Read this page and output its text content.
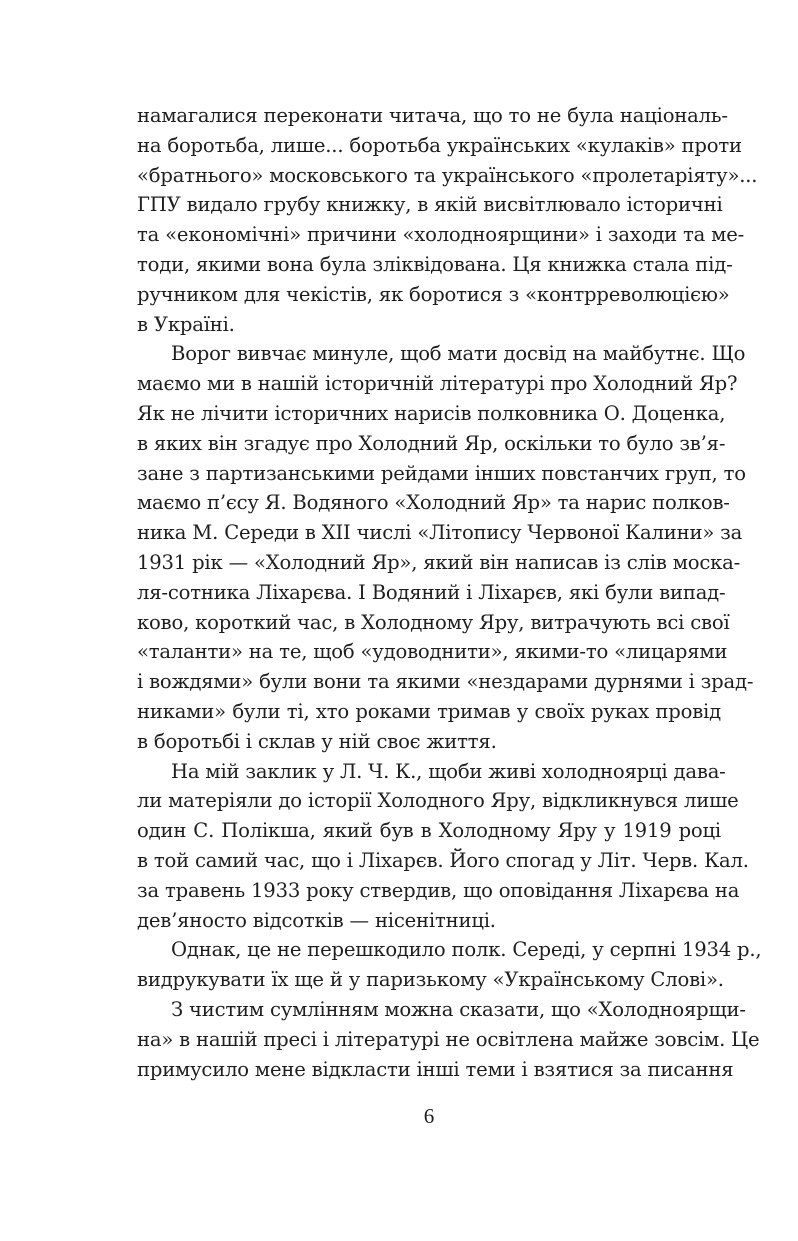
намагалися переконати читача, що то не була національ-
на боротьба, лише... боротьба українських «кулаків» проти
«братнього» московського та українського «пролетаріяту»...
ГПУ видало грубу книжку, в якій висвітлювало історичні
та «економічні» причини «холодноярщини» і заходи та ме-
тоди, якими вона була зліквідована. Ця книжка стала під-
ручником для чекістів, як боротися з «контрреволюцією»
в Україні.
Ворог вивчає минуле, щоб мати досвід на майбутнє. Що
маємо ми в нашій історичній літературі про Холодний Яр?
Як не лічити історичних нарисів полковника О. Доценка,
в яких він згадує про Холодний Яр, оскільки то було зв’я-
зане з партизанськими рейдами інших повстанчих груп, то
маємо п’єсу Я. Водяного «Холодний Яр» та нарис полков-
ника М. Середи в XII числі «Літопису Червоної Калини» за
1931 рік — «Холодний Яр», який він написав із слів моска-
ля-сотника Ліхарєва. І Водяний і Ліхарєв, які були випад-
ково, короткий час, в Холодному Яру, витрачують всі свої
«таланти» на те, щоб «удоводнити», якими-то «лицарями
і вождями» були вони та якими «нездарами дурнями і зрад-
никами» були ті, хто роками тримав у своїх руках провід
в боротьбі і склав у ній своє життя.
На мій заклик у Л. Ч. К., щоби живі холодноярці дава-
ли матеріяли до історії Холодного Яру, відкликнувся лише
один С. Полікша, який був в Холодному Яру у 1919 році
в той самий час, що і Ліхарєв. Його спогад у Літ. Черв. Кал.
за травень 1933 року ствердив, що оповідання Ліхарєва на
дев’яносто відсотків — нісенітниці.
Однак, це не перешкодило полк. Середі, у серпні 1934 р.,
видрукувати їх ще й у паризькому «Українському Слові».
З чистим сумлінням можна сказати, що «Холодноярщи-
на» в нашій пресі і літературі не освітлена майже зовсім. Це
примусило мене відкласти інші теми і взятися за писання
6
